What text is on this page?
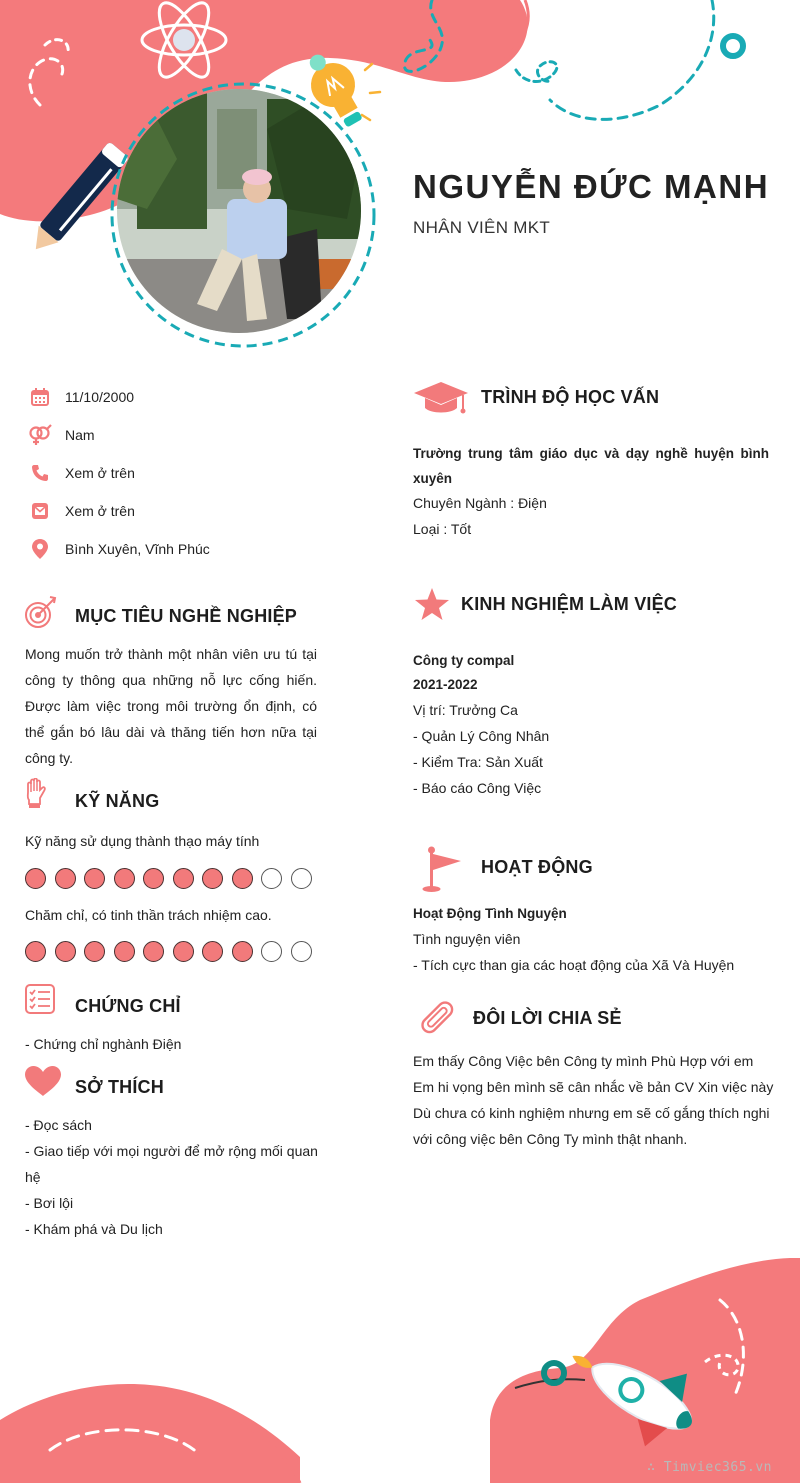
NGUYỄN ĐỨC MẠNH
NHÂN VIÊN MKT
11/10/2000
Nam
Xem ở trên
Xem ở trên
Bình Xuyên, Vĩnh Phúc
MỤC TIÊU NGHỀ NGHIỆP
Mong muốn trở thành một nhân viên ưu tú tại công ty thông qua những nỗ lực cống hiến. Được làm việc trong môi trường ổn định, có thể gắn bó lâu dài và thăng tiến hơn nữa tại công ty.
KỸ NĂNG
Kỹ năng sử dụng thành thạo máy tính
Chăm chỉ, có tinh thần trách nhiệm cao.
CHỨNG CHỈ
- Chứng chỉ nghành Điện
SỞ THÍCH
- Đọc sách
- Giao tiếp với mọi người để mở rộng mối quan hệ
- Bơi lội
- Khám phá và Du lịch
TRÌNH ĐỘ HỌC VẤN
Trường trung tâm giáo dục và dạy nghề huyện bình xuyên
Chuyên Ngành : Điện
Loại : Tốt
KINH NGHIỆM LÀM VIỆC
Công ty compal
2021-2022
Vị trí: Trưởng Ca
- Quản Lý Công Nhân
- Kiểm Tra: Sản Xuất
- Báo cáo Công Việc
HOẠT ĐỘNG
Hoạt Động Tình Nguyện
Tình nguyện viên
- Tích cực than gia các hoạt động của Xã Và Huyện
ĐÔI LỜI CHIA SẺ
Em thấy Công Việc bên Công ty mình Phù Hợp với em
Em hi vọng bên mình sẽ cân nhắc về bản CV Xin việc này
Dù chưa có kinh nghiệm nhưng em sẽ cố gắng thích nghi
với công việc bên Công Ty mình thật nhanh.
∴ Timviec365.vn
